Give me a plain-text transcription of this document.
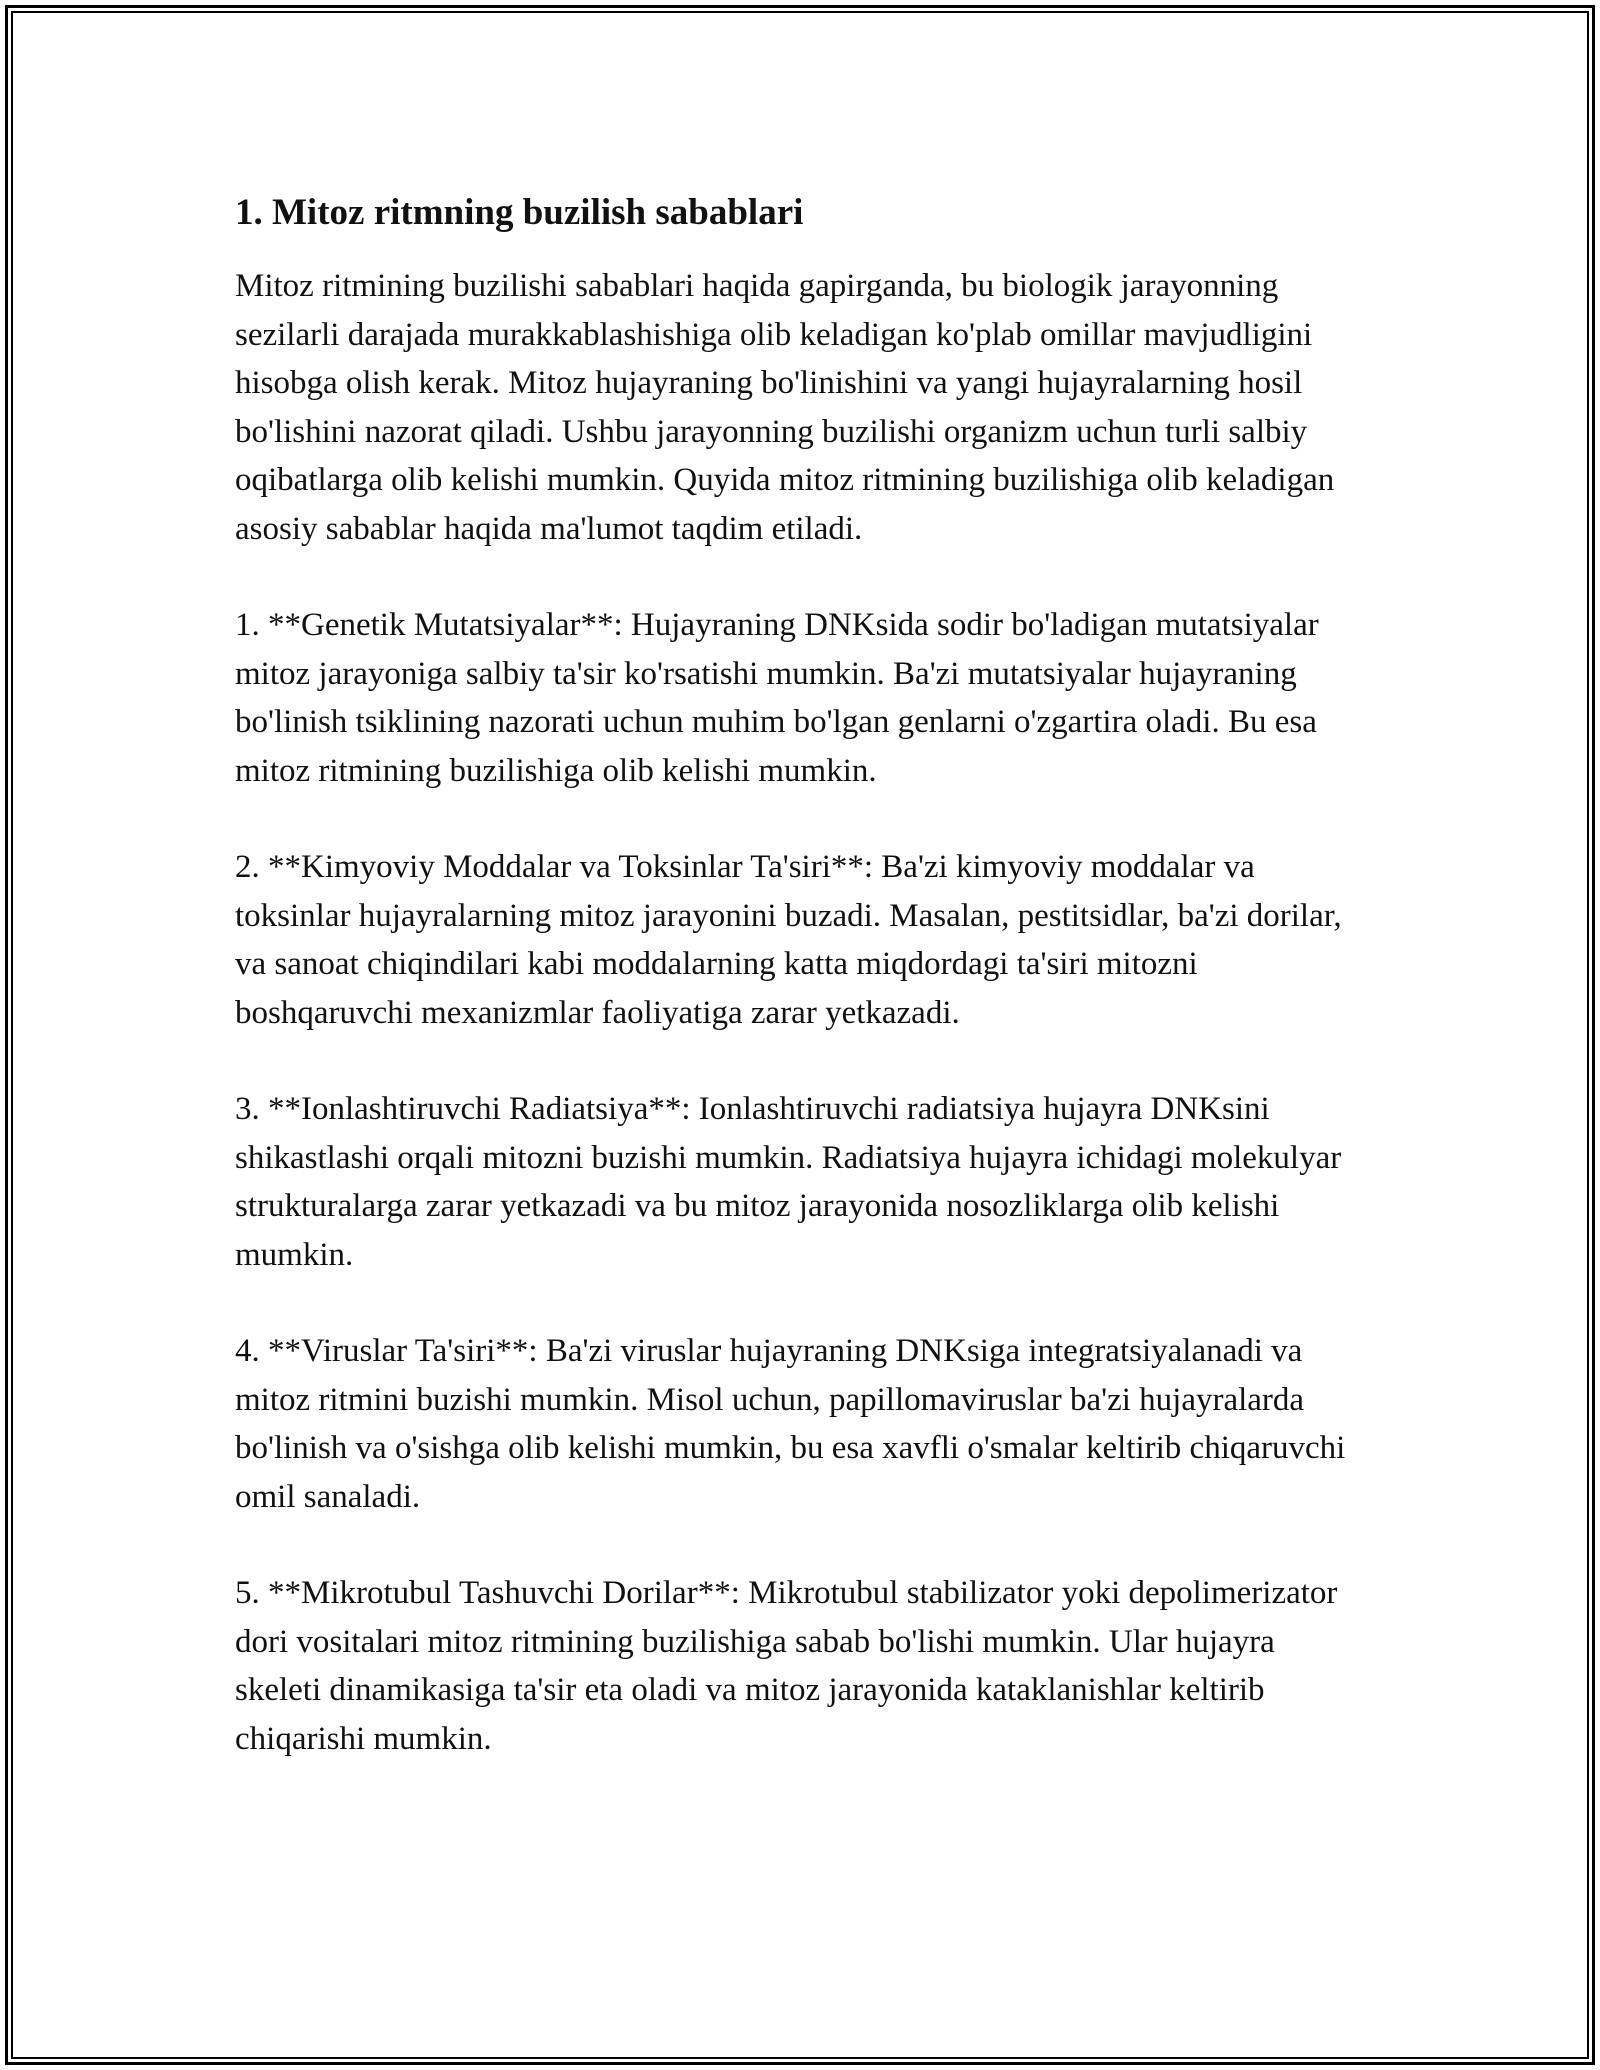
1. Mitoz ritmning buzilish sabablari

Mitoz ritmining buzilishi sabablari haqida gapirganda, bu biologik jarayonning sezilarli darajada murakkablashishiga olib keladigan ko'plab omillar mavjudligini hisobga olish kerak. Mitoz hujayraning bo'linishini va yangi hujayralarning hosil bo'lishini nazorat qiladi. Ushbu jarayonning buzilishi organizm uchun turli salbiy oqibatlarga olib kelishi mumkin. Quyida mitoz ritmining buzilishiga olib keladigan asosiy sabablar haqida ma'lumot taqdim etiladi.

1. **Genetik Mutatsiyalar**: Hujayraning DNKsida sodir bo'ladigan mutatsiyalar mitoz jarayoniga salbiy ta'sir ko'rsatishi mumkin. Ba'zi mutatsiyalar hujayraning bo'linish tsiklining nazorati uchun muhim bo'lgan genlarni o'zgartira oladi. Bu esa mitoz ritmining buzilishiga olib kelishi mumkin.

2. **Kimyoviy Moddalar va Toksinlar Ta'siri**: Ba'zi kimyoviy moddalar va toksinlar hujayralarning mitoz jarayonini buzadi. Masalan, pestitsidlar, ba'zi dorilar, va sanoat chiqindilari kabi moddalarning katta miqdordagi ta'siri mitozni boshqaruvchi mexanizmlar faoliyatiga zarar yetkazadi.

3. **Ionlashtiruvchi Radiatsiya**: Ionlashtiruvchi radiatsiya hujayra DNKsini shikastlashi orqali mitozni buzishi mumkin. Radiatsiya hujayra ichidagi molekulyar strukturalarga zarar yetkazadi va bu mitoz jarayonida nosozliklarga olib kelishi mumkin.

4. **Viruslar Ta'siri**: Ba'zi viruslar hujayraning DNKsiga integratsiyalanadi va mitoz ritmini buzishi mumkin. Misol uchun, papillomaviruslar ba'zi hujayralarda bo'linish va o'sishga olib kelishi mumkin, bu esa xavfli o'smalar keltirib chiqaruvchi omil sanaladi.

5. **Mikrotubul Tashuvchi Dorilar**: Mikrotubul stabilizator yoki depolimerizator dori vositalari mitoz ritmining buzilishiga sabab bo'lishi mumkin. Ular hujayra skeleti dinamikasiga ta'sir eta oladi va mitoz jarayonida kataklanishlar keltirib chiqarishi mumkin.
